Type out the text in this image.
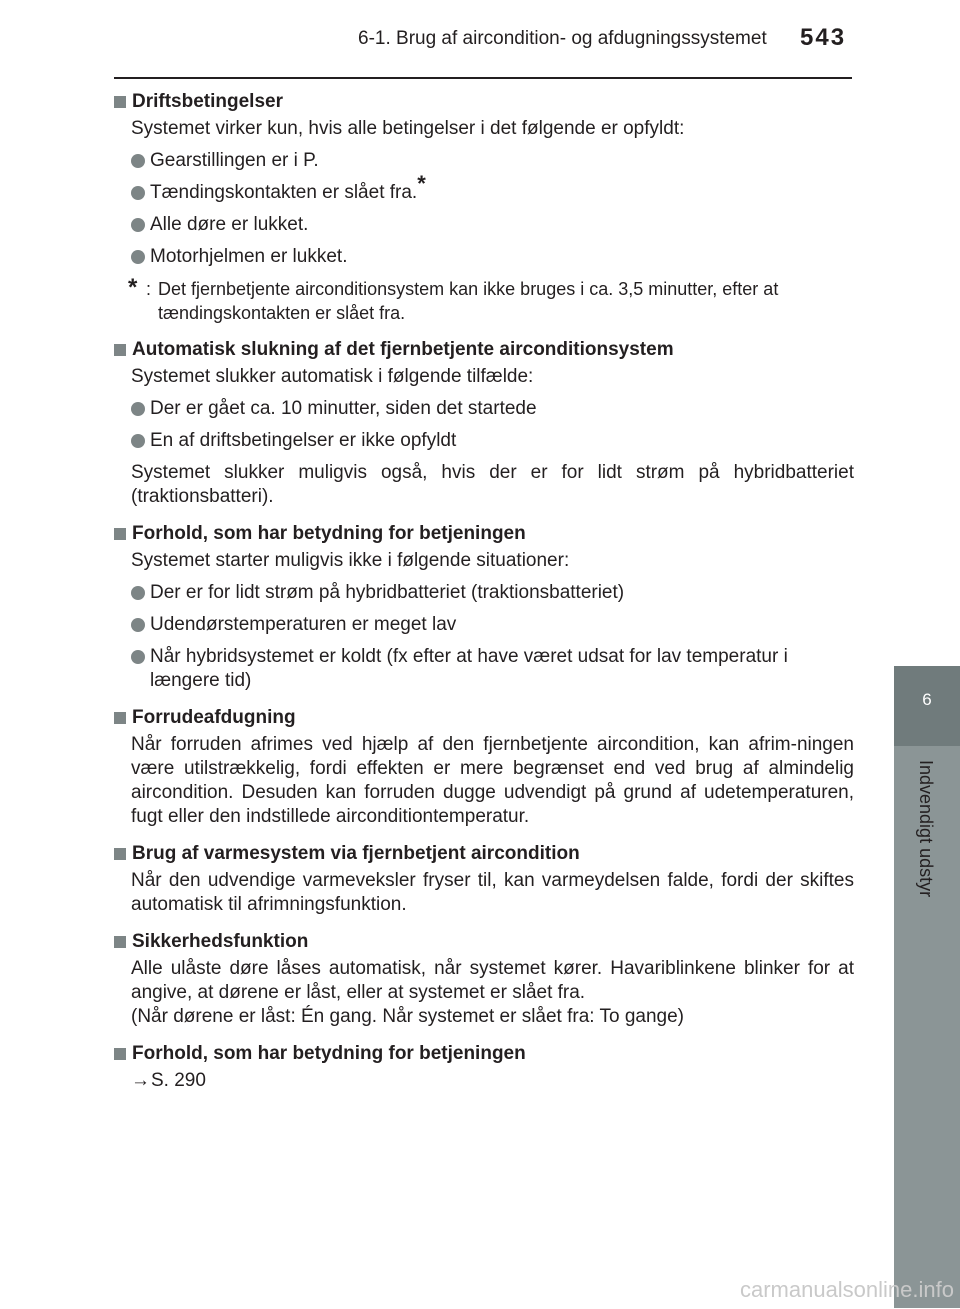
6-1. Brug af aircondition- og afdugningssystemet 543
6
Indvendigt udstyr
Driftsbetingelser
Systemet virker kun, hvis alle betingelser i det følgende er opfyldt:
Gearstillingen er i P.
Tændingskontakten er slået fra.*
Alle døre er lukket.
Motorhjelmen er lukket.
* : Det fjernbetjente airconditionsystem kan ikke bruges i ca. 3,5 minutter, efter at tændingskontakten er slået fra.
Automatisk slukning af det fjernbetjente airconditionsystem
Systemet slukker automatisk i følgende tilfælde:
Der er gået ca. 10 minutter, siden det startede
En af driftsbetingelser er ikke opfyldt
Systemet slukker muligvis også, hvis der er for lidt strøm på hybridbatteriet (traktionsbatteri).
Forhold, som har betydning for betjeningen
Systemet starter muligvis ikke i følgende situationer:
Der er for lidt strøm på hybridbatteriet (traktionsbatteriet)
Udendørstemperaturen er meget lav
Når hybridsystemet er koldt (fx efter at have været udsat for lav temperatur i længere tid)
Forrudeafdugning
Når forruden afrimes ved hjælp af den fjernbetjente aircondition, kan afrim-ningen være utilstrækkelig, fordi effekten er mere begrænset end ved brug af almindelig aircondition. Desuden kan forruden dugge udvendigt på grund af udetemperaturen, fugt eller den indstillede airconditiontemperatur.
Brug af varmesystem via fjernbetjent aircondition
Når den udvendige varmeveksler fryser til, kan varmeydelsen falde, fordi der skiftes automatisk til afrimningsfunktion.
Sikkerhedsfunktion
Alle ulåste døre låses automatisk, når systemet kører. Havariblinkene blinker for at angive, at dørene er låst, eller at systemet er slået fra.
(Når dørene er låst: Én gang. Når systemet er slået fra: To gange)
Forhold, som har betydning for betjeningen
→S. 290
carmanualsonline.info
